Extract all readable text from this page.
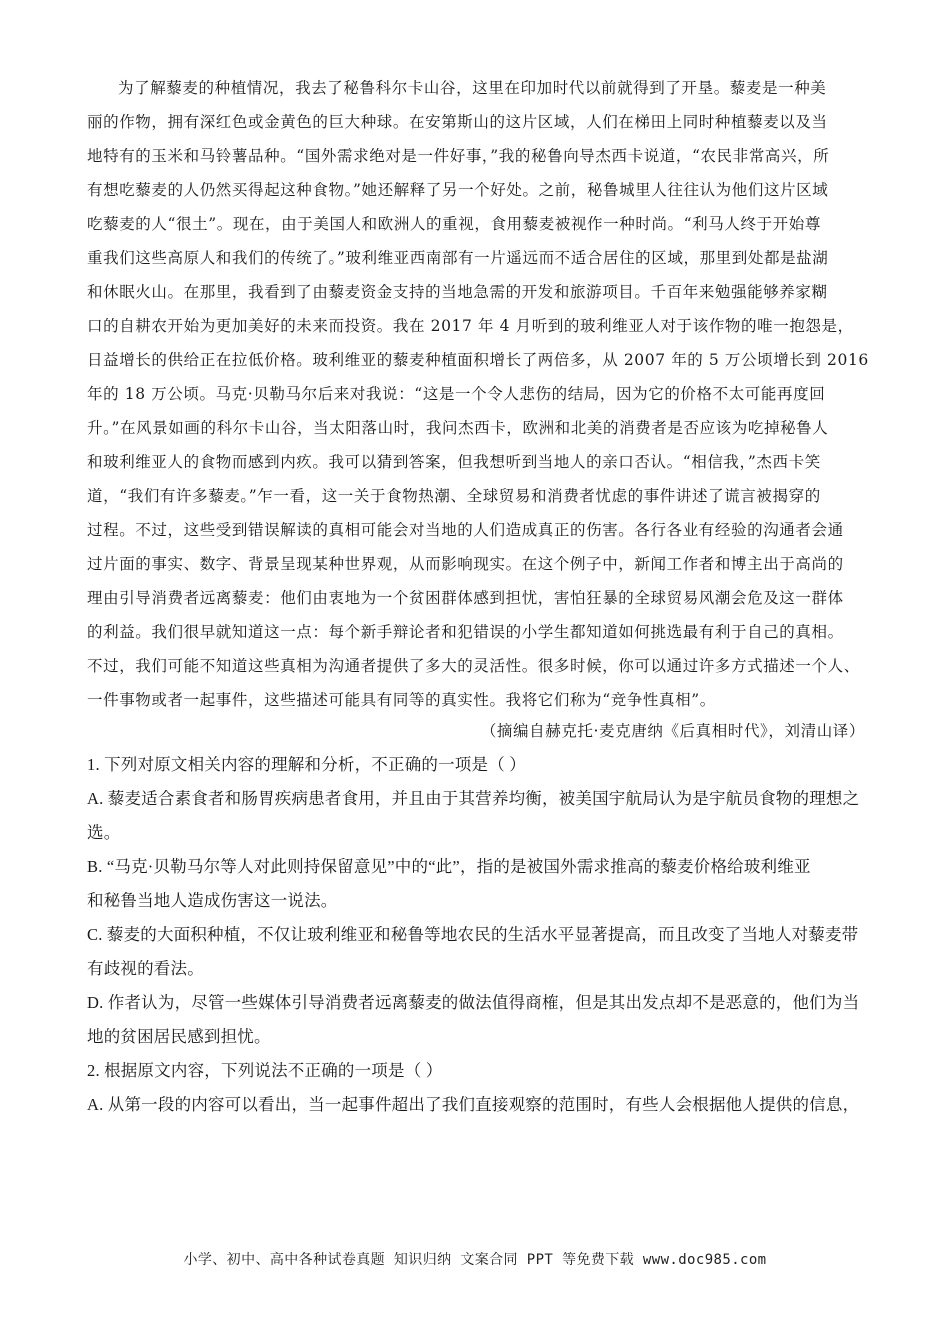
为了解藜麦的种植情况，我去了秘鲁科尔卡山谷，这里在印加时代以前就得到了开垦。藜麦是一种美
丽的作物，拥有深红色或金黄色的巨大种球。在安第斯山的这片区域，人们在梯田上同时种植藜麦以及当
地特有的玉米和马铃薯品种。“国外需求绝对是一件好事，”我的秘鲁向导杰西卡说道，“农民非常高兴，所
有想吃藜麦的人仍然买得起这种食物。”她还解释了另一个好处。之前，秘鲁城里人往往认为他们这片区域
吃藜麦的人“很土”。现在，由于美国人和欧洲人的重视，食用藜麦被视作一种时尚。“利马人终于开始尊
重我们这些高原人和我们的传统了。”玻利维亚西南部有一片遥远而不适合居住的区域，那里到处都是盐湖
和休眠火山。在那里，我看到了由藜麦资金支持的当地急需的开发和旅游项目。千百年来勉强能够养家糊
口的自耕农开始为更加美好的未来而投资。我在 2017 年 4 月听到的玻利维亚人对于该作物的唯一抱怨是，
日益增长的供给正在拉低价格。玻利维亚的藜麦种植面积增长了两倍多，从 2007 年的 5 万公顷增长到 2016
年的 18 万公顷。马克·贝勒马尔后来对我说：“这是一个令人悲伤的结局，因为它的价格不太可能再度回
升。”在风景如画的科尔卡山谷，当太阳落山时，我问杰西卡，欧洲和北美的消费者是否应该为吃掉秘鲁人
和玻利维亚人的食物而感到内疚。我可以猜到答案，但我想听到当地人的亲口否认。“相信我，”杰西卡笑
道，“我们有许多藜麦。”乍一看，这一关于食物热潮、全球贸易和消费者忧虑的事件讲述了谎言被揭穿的
过程。不过，这些受到错误解读的真相可能会对当地的人们造成真正的伤害。各行各业有经验的沟通者会通
过片面的事实、数字、背景呈现某种世界观，从而影响现实。在这个例子中，新闻工作者和博主出于高尚的
理由引导消费者远离藜麦：他们由衷地为一个贫困群体感到担忧，害怕狂暴的全球贸易风潮会危及这一群体
的利益。我们很早就知道这一点：每个新手辩论者和犯错误的小学生都知道如何挑选最有利于自己的真相。
不过，我们可能不知道这些真相为沟通者提供了多大的灵活性。很多时候，你可以通过许多方式描述一个人、
一件事物或者一起事件，这些描述可能具有同等的真实性。我将它们称为“竞争性真相”。
（摘编自赫克托·麦克唐纳《后真相时代》，刘清山译）
1. 下列对原文相关内容的理解和分析，不正确的一项是（ ）
A. 藜麦适合素食者和肠胃疾病患者食用，并且由于其营养均衡，被美国宇航局认为是宇航员食物的理想之
选。
B. “马克·贝勒马尔等人对此则持保留意见”中的“此”，指的是被国外需求推高的藜麦价格给玻利维亚
和秘鲁当地人造成伤害这一说法。
C. 藜麦的大面积种植，不仅让玻利维亚和秘鲁等地农民的生活水平显著提高，而且改变了当地人对藜麦带
有歧视的看法。
D. 作者认为，尽管一些媒体引导消费者远离藜麦的做法值得商榷，但是其出发点却不是恶意的，他们为当
地的贫困居民感到担忧。
2. 根据原文内容，下列说法不正确的一项是（ ）
A. 从第一段的内容可以看出，当一起事件超出了我们直接观察的范围时，有些人会根据他人提供的信息，
小学、初中、高中各种试卷真题 知识归纳 文案合同 PPT 等免费下载 www.doc985.com
